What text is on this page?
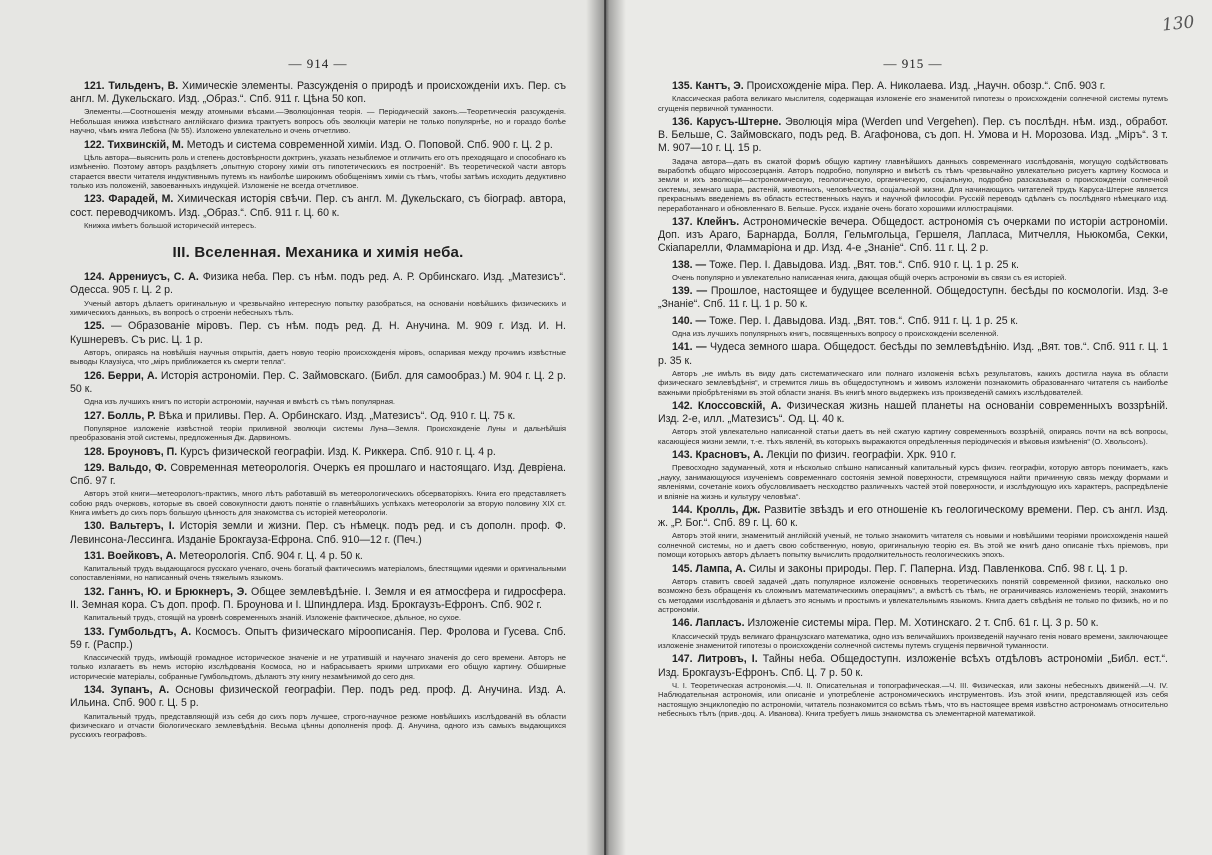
— 914 —
121. Тильденъ, В. Химическіе элементы. Разсужденія о природѣ и происхожденіи ихъ. Пер. съ англ. М. Дукельскаго. Изд. „Образ.“. Спб. 911 г. Цѣна 50 коп.
Элементы.—Соотношенія между атомными вѣсами.—Эволюціонная теорія. — Періодическій законъ.—Теоретическія разсужденія. Небольшая книжка извѣстнаго англійскаго физика трактуетъ вопросъ объ эволюціи матеріи не только популярнѣе, но и гораздо болѣе научно, чѣмъ книга Лебона (№ 55). Изложено увлекательно и очень отчетливо.
122. Тихвинскій, М. Методъ и система современной химіи. Изд. О. Поповой. Спб. 900 г. Ц. 2 р.
Цѣль автора—выяснить роль и степень достовѣрности доктринъ, указать незыблемое и отличить его отъ преходящаго и способнаго къ измѣненію. Поэтому авторъ раздѣляетъ „опытную сторону химіи отъ гипотетическихъ ея построеній“. Въ теоретической части авторъ старается ввести читателя индуктивнымъ путемъ къ наиболѣе широкимъ обобщеніямъ химіи съ тѣмъ, чтобы затѣмъ исходить дедуктивно только изъ положеній, завоеванныхъ индукціей. Изложеніе не всегда отчетливое.
123. Фарадей, М. Химическая исторія свѣчи. Пер. съ англ. М. Дукельскаго, съ біограф. автора, сост. переводчикомъ. Изд. „Образ.“. Спб. 911 г. Ц. 60 к.
Книжка имѣетъ большой историческій интересъ.
III. Вселенная. Механика и химія неба.
124. Аррениусъ, С. А. Физика неба. Пер. съ нѣм. подъ ред. А. Р. Орбинскаго. Изд. „Матезисъ“. Одесса. 905 г. Ц. 2 р.
Ученый авторъ дѣлаетъ оригинальную и чрезвычайно интересную попытку разобраться, на основаніи новѣйшихъ физическихъ и химическихъ данныхъ, въ вопросѣ о строеніи небесныхъ тѣлъ.
125. — Образованіе міровъ. Пер. съ нѣм. подъ ред. Д. Н. Анучина. М. 909 г. Изд. И. Н. Кушнеревъ. Съ рис. Ц. 1 р.
Авторъ, опираясь на новѣйшія научныя открытія, даетъ новую теорію происхожденія міровъ, оспаривая между прочимъ извѣстные выводы Клаузіуса, что „міръ приближается къ смерти тепла“.
126. Берри, А. Исторія астрономіи. Пер. С. Займовскаго. (Библ. для самообраз.) М. 904 г. Ц. 2 р. 50 к.
Одна изъ лучшихъ книгъ по исторіи астрономіи, научная и вмѣстѣ съ тѣмъ популярная.
127. Болль, Р. Вѣка и приливы. Пер. А. Орбинскаго. Изд. „Матезисъ“. Од. 910 г. Ц. 75 к.
Популярное изложеніе извѣстной теоріи приливной эволюціи системы Луна—Земля. Происхожденіе Луны и дальнѣйшія преобразованія этой системы, предложенныя Дж. Дарвиномъ.
128. Броуновъ, П. Курсъ физической географіи. Изд. К. Риккера. Спб. 910 г. Ц. 4 р.
129. Вальдо, Ф. Современная метеорологія. Очеркъ ея прошлаго и настоящаго. Изд. Девріена. Спб. 97 г.
Авторъ этой книги—метеорологъ-практикъ, много лѣтъ работавшій въ метеорологическихъ обсерваторіяхъ. Книга его представляетъ собою рядъ очерковъ, которые въ своей совокупности даютъ понятіе о главнѣйшихъ успѣхахъ метеорологіи за вторую половину XIX ст. Книга имѣетъ до сихъ поръ большую цѣнность для знакомства съ исторіей метеорологіи.
130. Вальтеръ, І. Исторія земли и жизни. Пер. съ нѣмецк. подъ ред. и съ дополн. проф. Ф. Левинсона-Лессинга. Изданіе Брокгауза-Ефрона. Спб. 910—12 г. (Печ.)
131. Воейковъ, А. Метеорологія. Спб. 904 г. Ц. 4 р. 50 к.
Капитальный трудъ выдающагося русскаго ученаго, очень богатый фактическимъ матеріаломъ, блестящими идеями и оригинальными сопоставленіями, но написанный очень тяжелымъ языкомъ.
132. Ганнъ, Ю. и Брюкнеръ, Э. Общее землевѣдѣніе. І. Земля и ея атмосфера и гидросфера. ІІ. Земная кора. Съ доп. проф. П. Броунова и І. Шпиндлера. Изд. Брокгаузъ-Ефронъ. Спб. 902 г.
Капитальный трудъ, стоящій на уровнѣ современныхъ знаній. Изложеніе фактическое, дѣльное, но сухое.
133. Гумбольдтъ, А. Космосъ. Опытъ физическаго міроописанія. Пер. Фролова и Гусева. Спб. 59 г. (Распр.)
Классическій трудъ, имѣющій громадное историческое значеніе и не утратившій и научнаго значенія до сего времени. Авторъ не только излагаетъ въ немъ исторію изслѣдованія Космоса, но и набрасываетъ яркими штрихами его общую картину. Обширные историческіе матеріалы, собранные Гумбольдтомъ, дѣлаютъ эту книгу незамѣнимой до сего дня.
134. Зупанъ, А. Основы физической географіи. Пер. подъ ред. проф. Д. Анучина. Изд. А. Ильина. Спб. 900 г. Ц. 5 р.
Капитальный трудъ, представляющій изъ себя до сихъ поръ лучшее, строго-научное резюме новѣйшихъ изслѣдованій въ области физическаго и отчасти біологическаго землевѣдѣнія. Весьма цѣнны дополненія проф. Д. Анучина, одного изъ самыхъ выдающихся русскихъ географовъ.
130
— 915 —
135. Кантъ, Э. Происхожденіе міра. Пер. А. Николаева. Изд. „Научн. обозр.“. Спб. 903 г.
Классическая работа великаго мыслителя, содержащая изложеніе его знаменитой гипотезы о происхожденіи солнечной системы путемъ сгущенія первичной туманности.
136. Карусъ-Штерне. Эволюція міра (Werden und Vergehen). Пер. съ послѣдн. нѣм. изд., обработ. В. Бельше, С. Займовскаго, подъ ред. В. Агафонова, съ доп. Н. Умова и Н. Морозова. Изд. „Міръ“. 3 т. М. 907—10 г. Ц. 15 р.
Задача автора—дать въ сжатой формѣ общую картину главнѣйшихъ данныхъ современнаго изслѣдованія, могущую содѣйствовать выработкѣ общаго міросозерцанія. Авторъ подробно, популярно и вмѣстѣ съ тѣмъ чрезвычайно увлекательно рисуетъ картину Космоса и земли и ихъ эволюціи—астрономическую, геологическую, органическую, соціальную, подробно разсказывая о происхожденіи солнечной системы, земнаго шара, растеній, животныхъ, человѣчества, соціальной жизни. Для начинающихъ читателей трудъ Каруса-Штерне является прекраснымъ введеніемъ въ область естественныхъ наукъ и научной философіи. Русскій переводъ сдѣланъ съ послѣдняго нѣмецкаго изд. переработаннаго и обновленнаго В. Бельше. Русск. изданіе очень богато хорошими иллюстраціями.
137. Клейнъ. Астрономическіе вечера. Общедост. астрономія съ очерками по исторіи астрономіи. Доп. изъ Араго, Барнарда, Болля, Гельмгольца, Гершеля, Лапласа, Митчелля, Ньюкомба, Секки, Скіапарелли, Фламмаріона и др. Изд. 4-е „Знаніе“. Спб. 11 г. Ц. 2 р.
138. — Тоже. Пер. І. Давыдова. Изд. „Вят. тов.“. Спб. 910 г. Ц. 1 р. 25 к.
Очень популярно и увлекательно написанная книга, дающая общій очеркъ астрономіи въ связи съ ея исторіей.
139. — Прошлое, настоящее и будущее вселенной. Общедоступн. бесѣды по космологіи. Изд. 3-е „Знаніе“. Спб. 11 г. Ц. 1 р. 50 к.
140. — Тоже. Пер. І. Давыдова. Изд. „Вят. тов.“. Спб. 911 г. Ц. 1 р. 25 к.
Одна изъ лучшихъ популярныхъ книгъ, посвященныхъ вопросу о происхожденіи вселенной.
141. — Чудеса земного шара. Общедост. бесѣды по землевѣдѣнію. Изд. „Вят. тов.“. Спб. 911 г. Ц. 1 р. 35 к.
Авторъ „не имѣлъ въ виду дать систематическаго или полнаго изложенія всѣхъ результатовъ, какихъ достигла наука въ области физическаго землевѣдѣнія“, и стремится лишь въ общедоступномъ и живомъ изложеніи познакомить образованнаго читателя съ наиболѣе важными пріобрѣтеніями въ этой области знанія. Въ книгѣ много выдержекъ изъ произведеній самихъ изслѣдователей.
142. Клоссовскій, А. Физическая жизнь нашей планеты на основаніи современныхъ воззрѣній. Изд. 2-е, илл. „Матезисъ“. Од. Ц. 40 к.
Авторъ этой увлекательно написанной статьи даетъ въ ней сжатую картину современныхъ воззрѣній, опираясь почти на всѣ вопросы, касающіеся жизни земли, т.-е. тѣхъ явленій, въ которыхъ выражаются опредѣленныя періодическія и вѣковыя измѣненія“ (О. Хвольсонъ).
143. Красновъ, А. Лекціи по физич. географіи. Хрк. 910 г.
Превосходно задуманный, хотя и нѣсколько спѣшно написанный капитальный курсъ физич. географіи, которую авторъ понимаетъ, какъ „науку, занимающуюся изученіемъ современнаго состоянія земной поверхности, стремящуюся найти причинную связь между формами и явленіями, сочетаніе коихъ обусловливаетъ несходство различныхъ частей этой поверхности, и изслѣдующую ихъ характеръ, распредѣленіе и вліяніе на жизнь и культуру человѣка“.
144. Кролль, Дж. Развитіе звѣздъ и его отношеніе къ геологическому времени. Пер. съ англ. Изд. ж. „Р. Бог.“. Спб. 89 г. Ц. 60 к.
Авторъ этой книги, знаменитый англійскій ученый, не только знакомитъ читателя съ новыми и новѣйшими теоріями происхожденія нашей солнечной системы, но и даетъ свою собственную, новую, оригинальную теорію ея. Въ этой же книгѣ дано описаніе тѣхъ пріемовъ, при помощи которыхъ авторъ дѣлаетъ попытку вычислить продолжительность геологическихъ эпохъ.
145. Лампа, А. Силы и законы природы. Пер. Г. Паперна. Изд. Павленкова. Спб. 98 г. Ц. 1 р.
Авторъ ставитъ своей задачей „дать популярное изложеніе основныхъ теоретическихъ понятій современной физики, насколько оно возможно безъ обращенія къ сложнымъ математическимъ операціямъ“, а вмѣстѣ съ тѣмъ, не ограничиваясь изложеніемъ теорій, знакомитъ съ методами изслѣдованія и дѣлаетъ это яснымъ и простымъ и увлекательнымъ языкомъ. Книга даетъ свѣдѣнія не только по физикѣ, но и по астрономіи.
146. Лапласъ. Изложеніе системы міра. Пер. М. Хотинскаго. 2 т. Спб. 61 г. Ц. 3 р. 50 к.
Классическій трудъ великаго французскаго математика, одно изъ величайшихъ произведеній научнаго генія новаго времени, заключающее изложеніе знаменитой гипотезы о происхожденіи солнечной системы путемъ сгущенія первичной туманности.
147. Литровъ, І. Тайны неба. Общедоступн. изложеніе всѣхъ отдѣловъ астрономіи „Библ. ест.“. Изд. Брокгаузъ-Ефронъ. Спб. Ц. 7 р. 50 к.
Ч. І. Теоретическая астрономія.—Ч. ІІ. Описательная и топографическая.—Ч. ІІІ. Физическая, или законы небесныхъ движеній.—Ч. IV. Наблюдательная астрономія, или описаніе и употребленіе астрономическихъ инструментовъ. Изъ этой книги, представляющей изъ себя настоящую энциклопедію по астрономіи, читатель познакомится со всѣмъ тѣмъ, что въ настоящее время извѣстно астрономамъ относительно небесныхъ тѣлъ (прив.-доц. А. Иванова). Книга требуетъ лишь знакомства съ элементарной математикой.
